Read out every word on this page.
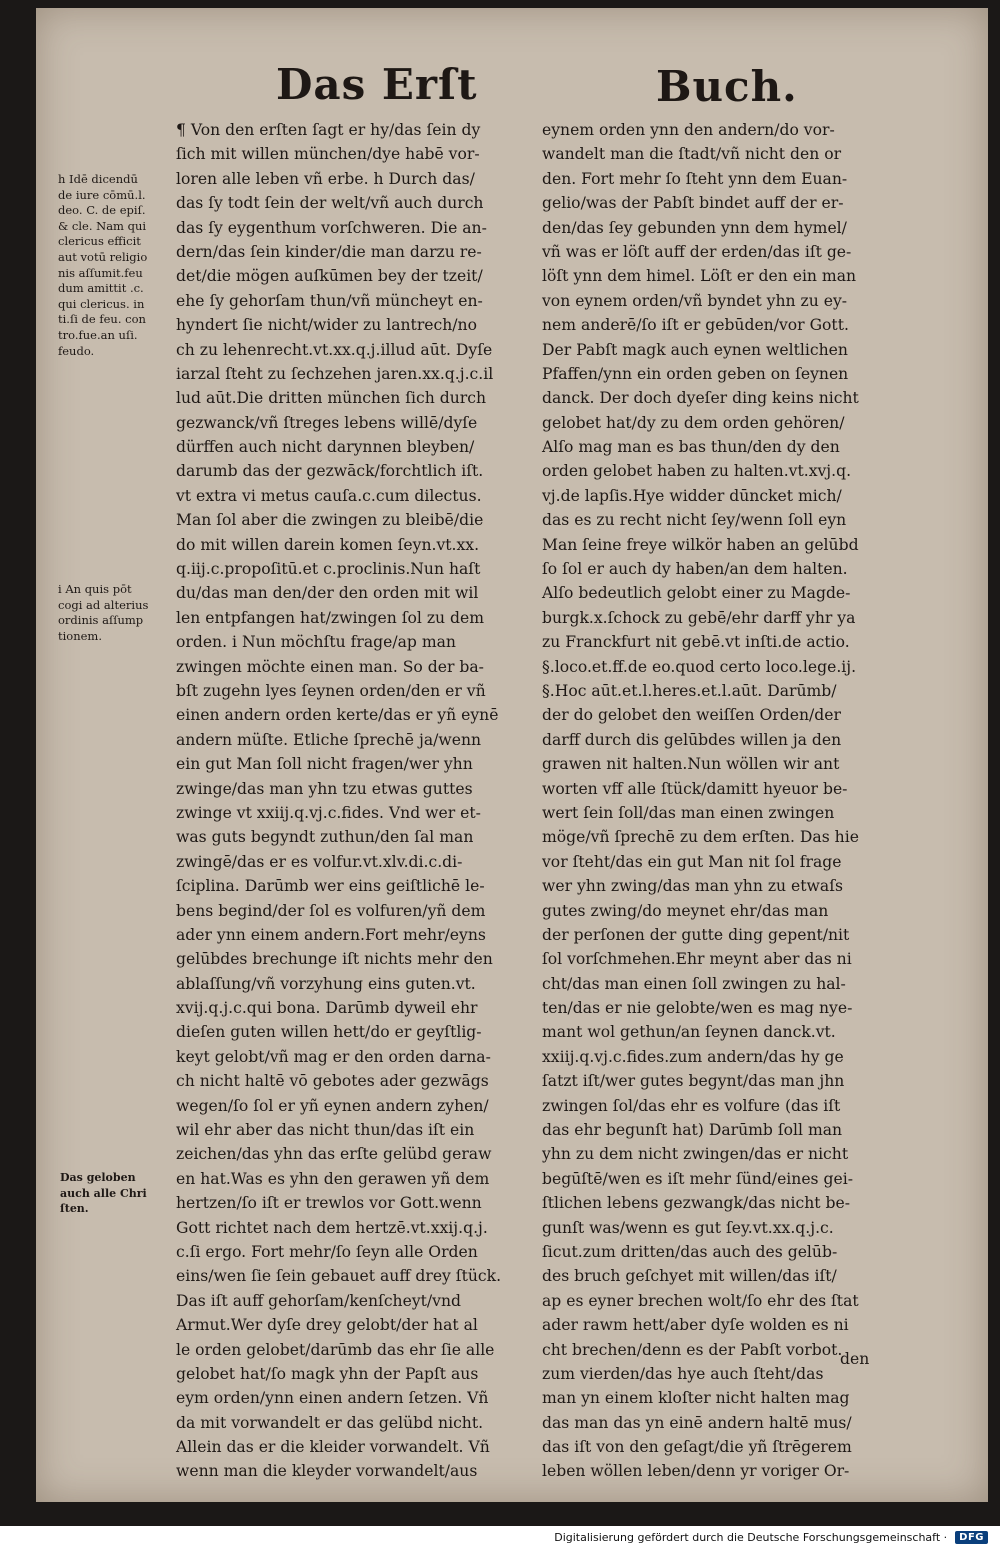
Das Erſt	Buch.
h Idē dicendū
de iure cōmū.l.
deo. C. de epiſ.
& cle. Nam qui
clericus efficit
aut votū religio
nis aſſumit.feu
dum amittit .c.
qui clericus. in
ti.ſi de feu. con
tro.fue.an uſi.
feudo.
i An quis pōt
cogi ad alterius
ordinis aſſump
tionem.
Das geloben
auch alle Chri
ſten.
¶ Von den erſten ſagt er hy/das ſein dy
ſich mit willen münchen/dye habē vor-
loren alle leben vñ erbe. h Durch das/
das ſy todt ſein der welt/vñ auch durch
das ſy eygenthum vorſchweren. Die an-
dern/das ſein kinder/die man darzu re-
det/die mögen auſkūmen bey der tzeit/
ehe ſy gehorſam thun/vñ müncheyt en-
hyndert ſie nicht/wider zu lantrech/no
ch zu lehenrecht.vt.xx.q.j.illud aūt. Dyſe
iarzal ſteht zu ſechzehen jaren.xx.q.j.c.il
lud aūt.Die dritten münchen ſich durch
gezwanck/vñ ſtreges lebens willē/dyſe
dürffen auch nicht darynnen bleyben/
darumb das der gezwāck/forchtlich iſt.
vt extra vi metus cauſa.c.cum dilectus.
Man ſol aber die zwingen zu bleibē/die
do mit willen darein komen ſeyn.vt.xx.
q.iij.c.propoſitū.et c.proclinis.Nun haſt
du/das man den/der den orden mit wil
len entpfangen hat/zwingen ſol zu dem
orden. i Nun möchſtu frage/ap man
zwingen möchte einen man. So der ba-
bſt zugehn lyes ſeynen orden/den er vñ
einen andern orden kerte/das er yñ eynē
andern müſte. Etliche ſprechē ja/wenn
ein gut Man ſoll nicht fragen/wer yhn
zwinge/das man yhn tzu etwas guttes
zwinge vt xxiij.q.vj.c.fides. Vnd wer et-
was guts begyndt zuthun/den ſal man
zwingē/das er es volfur.vt.xlv.di.c.di-
ſciplina. Darūmb wer eins geiſtlichē le-
bens begind/der ſol es volfuren/yñ dem
ader ynn einem andern.Fort mehr/eyns
gelūbdes brechunge iſt nichts mehr den
ablaſſung/vñ vorzyhung eins guten.vt.
xvij.q.j.c.qui bona. Darūmb dyweil ehr
dieſen guten willen hett/do er geyſtlig-
keyt gelobt/vñ mag er den orden darna-
ch nicht haltē vō gebotes ader gezwāgs
wegen/ſo ſol er yñ eynen andern zyhen/
wil ehr aber das nicht thun/das iſt ein
zeichen/das yhn das erſte gelübd geraw
en hat.Was es yhn den gerawen yñ dem
hertzen/ſo iſt er trewlos vor Gott.wenn
Gott richtet nach dem hertzē.vt.xxij.q.j.
c.ſi ergo. Fort mehr/ſo ſeyn alle Orden
eins/wen ſie ſein gebauet auff drey ſtück.
Das iſt auff gehorſam/kenſcheyt/vnd
Armut.Wer dyſe drey gelobt/der hat al
le orden gelobet/darūmb das ehr ſie alle
gelobet hat/ſo magk yhn der Papſt aus
eym orden/ynn einen andern ſetzen. Vñ
da mit vorwandelt er das gelübd nicht.
Allein das er die kleider vorwandelt. Vñ
wenn man die kleyder vorwandelt/aus
eynem orden ynn den andern/do vor-
wandelt man die ſtadt/vñ nicht den or
den. Fort mehr ſo ſteht ynn dem Euan-
gelio/was der Pabſt bindet auff der er-
den/das ſey gebunden ynn dem hymel/
vñ was er löſt auff der erden/das iſt ge-
löſt ynn dem himel. Löſt er den ein man
von eynem orden/vñ byndet yhn zu ey-
nem anderē/ſo iſt er gebūden/vor Gott.
Der Pabſt magk auch eynen weltlichen
Pfaffen/ynn ein orden geben on ſeynen
danck. Der doch dyeſer ding keins nicht
gelobet hat/dy zu dem orden gehören/
Alſo mag man es bas thun/den dy den
orden gelobet haben zu halten.vt.xvj.q.
vj.de lapſis.Hye widder dūncket mich/
das es zu recht nicht ſey/wenn ſoll eyn
Man ſeine freye wilkör haben an gelūbd
ſo ſol er auch dy haben/an dem halten.
Alſo bedeutlich gelobt einer zu Magde-
burgk.x.ſchock zu gebē/ehr darff yhr ya
zu Franckfurt nit gebē.vt inſti.de actio.
§.loco.et.ff.de eo.quod certo loco.lege.ij.
§.Hoc aūt.et.l.heres.et.l.aūt. Darūmb/
der do gelobet den weiſſen Orden/der
darff durch dis gelūbdes willen ja den
grawen nit halten.Nun wöllen wir ant
worten vff alle ſtück/damitt hyeuor be-
wert ſein ſoll/das man einen zwingen
möge/vñ ſprechē zu dem erſten. Das hie
vor ſteht/das ein gut Man nit ſol frage
wer yhn zwing/das man yhn zu etwaſs
gutes zwing/do meynet ehr/das man
der perſonen der gutte ding gepent/nit
ſol vorſchmehen.Ehr meynt aber das ni
cht/das man einen ſoll zwingen zu hal-
ten/das er nie gelobte/wen es mag nye-
mant wol gethun/an ſeynen danck.vt.
xxiij.q.vj.c.fides.zum andern/das hy ge
ſatzt iſt/wer gutes begynt/das man jhn
zwingen ſol/das ehr es volfure (das iſt
das ehr begunſt hat) Darūmb ſoll man
yhn zu dem nicht zwingen/das er nicht
begūſtē/wen es iſt mehr ſünd/eines gei-
ſtlichen lebens gezwangk/das nicht be-
gunſt was/wenn es gut ſey.vt.xx.q.j.c.
ſicut.zum dritten/das auch des gelūb-
des bruch geſchyet mit willen/das iſt/
ap es eyner brechen wolt/ſo ehr des ſtat
ader rawm hett/aber dyſe wolden es ni
cht brechen/denn es der Pabſt vorbot.
zum vierden/das hye auch ſteht/das
man yn einem kloſter nicht halten mag
das man das yn einē andern haltē mus/
das iſt von den geſagt/die yñ ſtrēgerem
leben wöllen leben/denn yr voriger Or-
den
Digitalisierung gefördert durch die Deutsche Forschungsgemeinschaft ·	DFG
